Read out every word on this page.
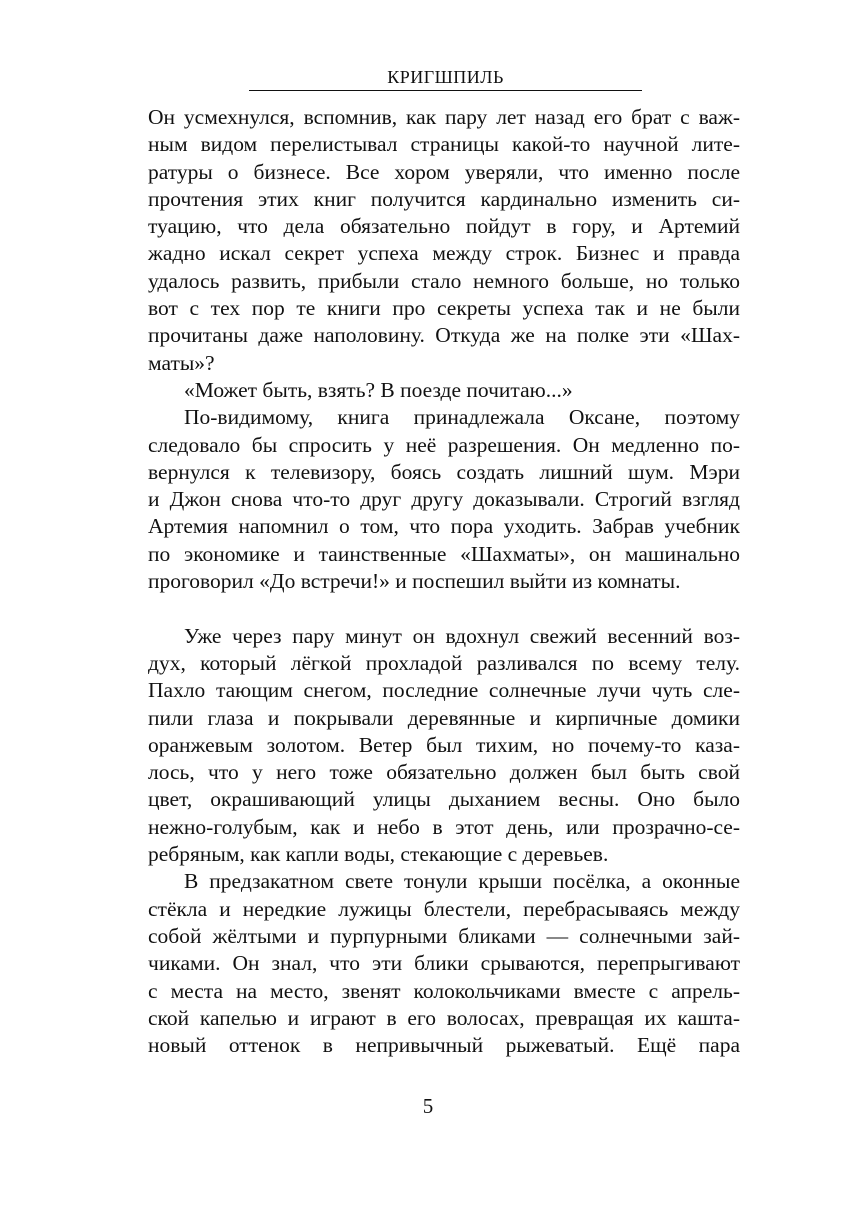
КРИГШПИЛЬ
Он усмехнулся, вспомнив, как пару лет назад его брат с важ-
ным видом перелистывал страницы какой-то научной лите-
ратуры о бизнесе. Все хором уверяли, что именно после
прочтения этих книг получится кардинально изменить си-
туацию, что дела обязательно пойдут в гору, и Артемий
жадно искал секрет успеха между строк. Бизнес и правда
удалось развить, прибыли стало немного больше, но только
вот с тех пор те книги про секреты успеха так и не были
прочитаны даже наполовину. Откуда же на полке эти «Шах-
маты»?
«Может быть, взять? В поезде почитаю...»
По-видимому, книга принадлежала Оксане, поэтому
следовало бы спросить у неё разрешения. Он медленно по-
вернулся к телевизору, боясь создать лишний шум. Мэри
и Джон снова что-то друг другу доказывали. Строгий взгляд
Артемия напомнил о том, что пора уходить. Забрав учебник
по экономике и таинственные «Шахматы», он машинально
проговорил «До встречи!» и поспешил выйти из комнаты.
Уже через пару минут он вдохнул свежий весенний воз-
дух, который лёгкой прохладой разливался по всему телу.
Пахло тающим снегом, последние солнечные лучи чуть сле-
пили глаза и покрывали деревянные и кирпичные домики
оранжевым золотом. Ветер был тихим, но почему-то каза-
лось, что у него тоже обязательно должен был быть свой
цвет, окрашивающий улицы дыханием весны. Оно было
нежно-голубым, как и небо в этот день, или прозрачно-се-
ребряным, как капли воды, стекающие с деревьев.
В предзакатном свете тонули крыши посёлка, а оконные
стёкла и нередкие лужицы блестели, перебрасываясь между
собой жёлтыми и пурпурными бликами — солнечными зай-
чиками. Он знал, что эти блики срываются, перепрыгивают
с места на место, звенят колокольчиками вместе с апрель-
ской капелью и играют в его волосах, превращая их кашта-
новый оттенок в непривычный рыжеватый. Ещё пара
5
